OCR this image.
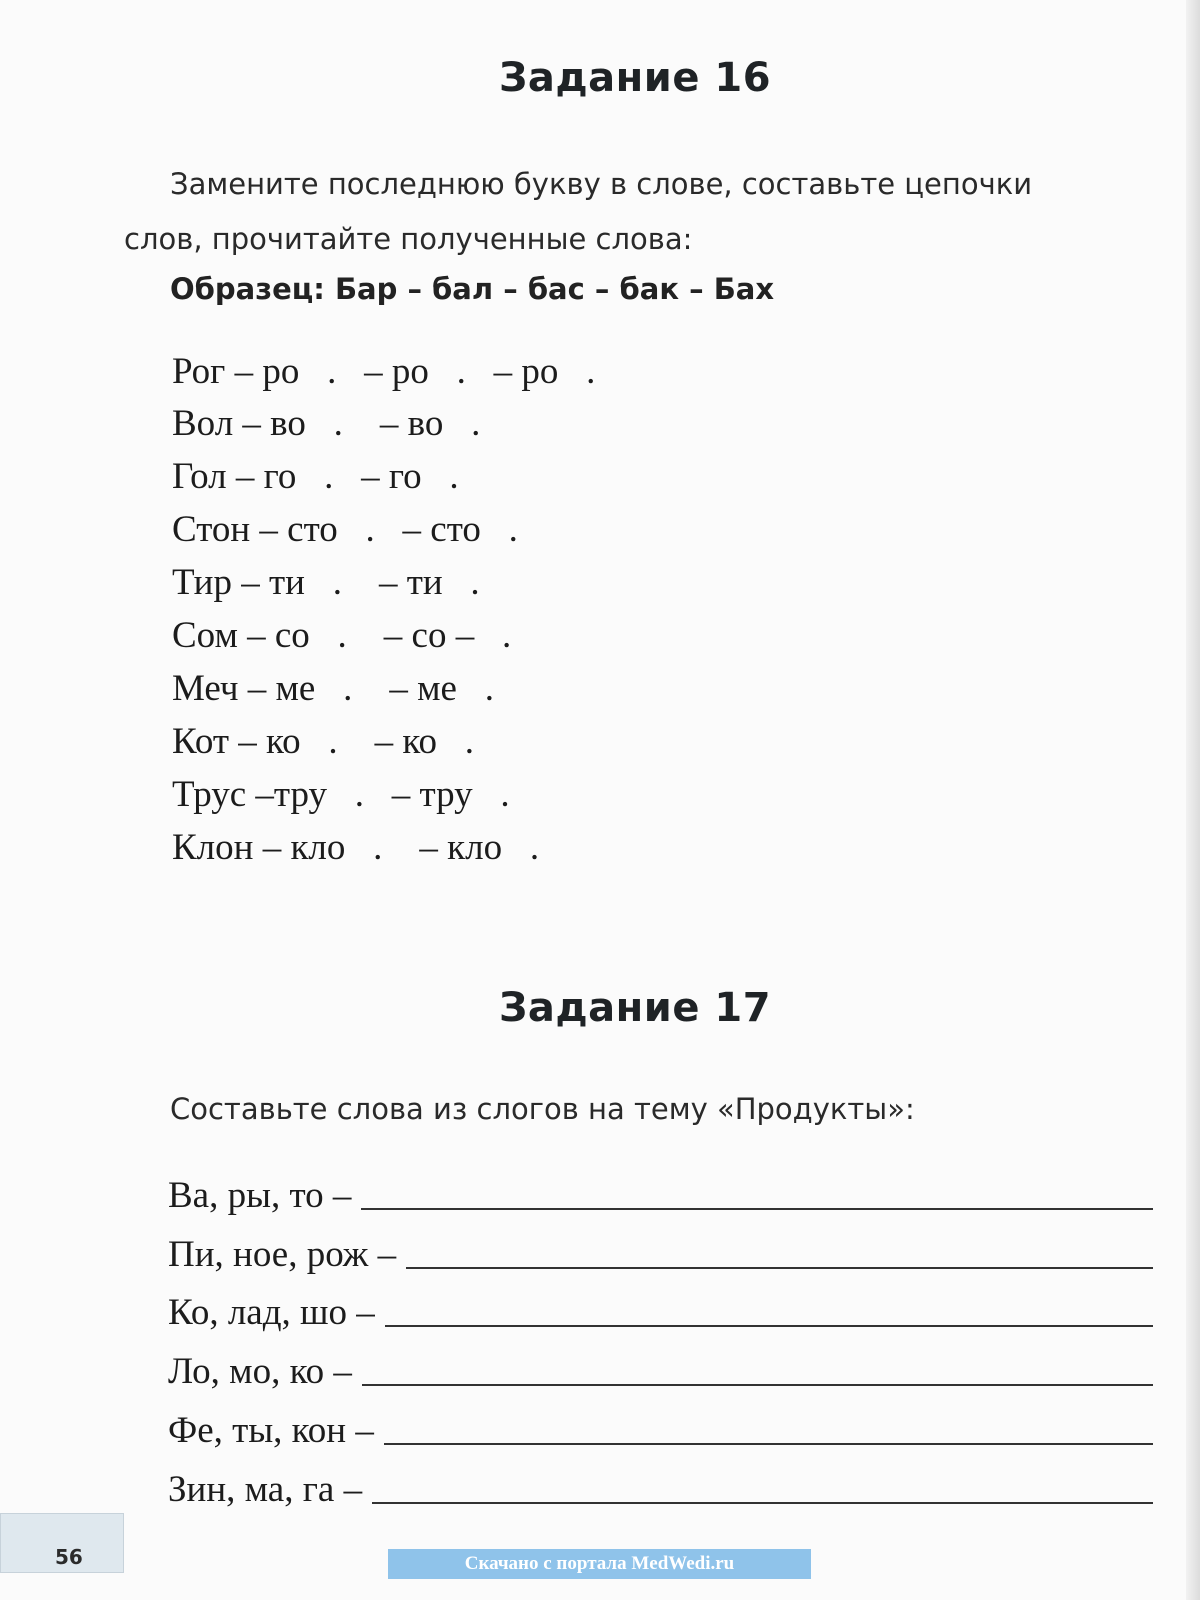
Задание 16

Замените последнюю букву в слове, составьте цепочки

слов, прочитайте полученные слова:

Образец: Бар – бал – бас – бак – Бах

Рог – ро   .   – ро   .   – ро   .

Вол – во   .    – во   .

Гол – го   .   – го   .

Стон – сто   .   – сто   .

Тир – ти   .    – ти   .

Сом – со   .    – со –   .

Меч – ме   .    – ме   .

Кот – ко   .    – ко   .

Трус –тру   .   – тру   .

Клон – кло   .    – кло   .

Задание 17

Составьте слова из слогов на тему «Продукты»:

Ва, ры, то –
Пи, ное, рож –
Ко, лад, шо –
Ло, мо, ко –
Фе, ты, кон –
Зин, ма, га –
56	Скачано с портала MedWedi.ru
